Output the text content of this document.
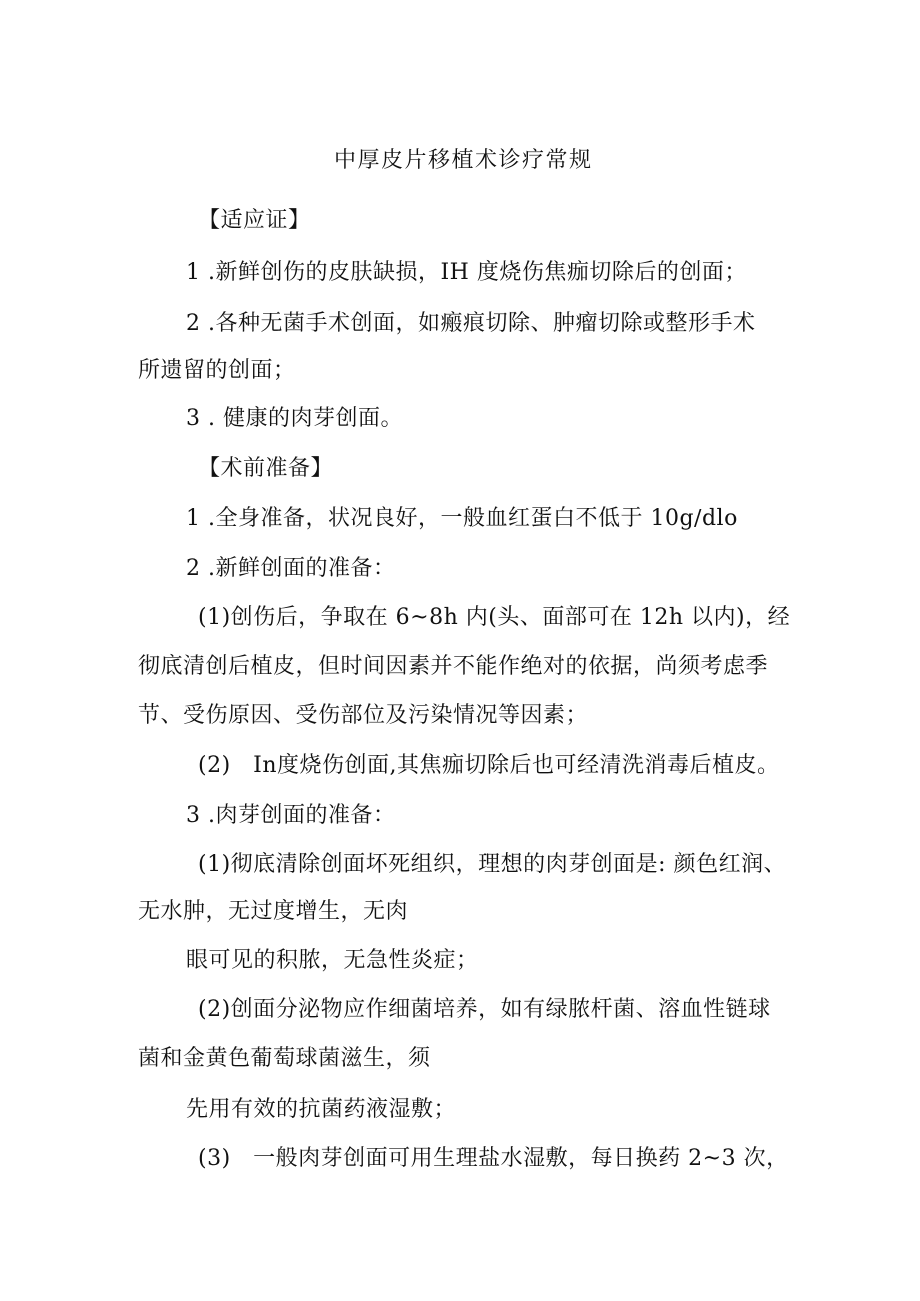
中厚皮片移植术诊疗常规
【适应证】
1 .新鲜创伤的皮肤缺损，IH 度烧伤焦痂切除后的创面；
2 .各种无菌手术创面，如瘢痕切除、肿瘤切除或整形手术
所遗留的创面；
3 . 健康的肉芽创面。
【术前准备】
1 .全身准备，状况良好，一般血红蛋白不低于 10g∕dlo
2 .新鲜创面的准备：
(1)创伤后，争取在 6~8h 内(头、面部可在 12h 以内)，经
彻底清创后植皮，但时间因素并不能作绝对的依据，尚须考虑季
节、受伤原因、受伤部位及污染情况等因素；
(2)　In度烧伤创面,其焦痂切除后也可经清洗消毒后植皮。
3 .肉芽创面的准备：
(1)彻底清除创面坏死组织，理想的肉芽创面是: 颜色红润、
无水肿，无过度增生，无肉
眼可见的积脓，无急性炎症；
(2)创面分泌物应作细菌培养，如有绿脓杆菌、溶血性链球
菌和金黄色葡萄球菌滋生，须
先用有效的抗菌药液湿敷；
(3)　一般肉芽创面可用生理盐水湿敷，每日换药 2~3 次，
